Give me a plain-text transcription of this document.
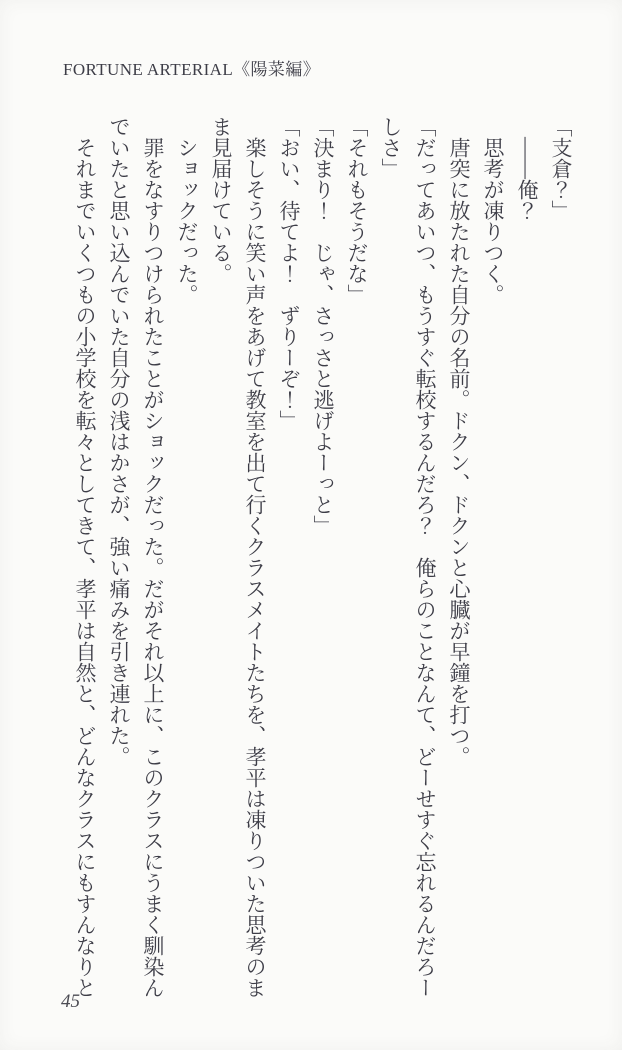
FORTUNE ARTERIAL《陽菜編》

「支倉？」

――俺？

思考が凍りつく。

唐突に放たれた自分の名前。ドクン、ドクンと心臓が早鐘を打つ。

「だってあいつ、もうすぐ転校するんだろ？　俺らのことなんて、どーせすぐ忘れるんだろーしさ」

「それもそうだな」

「決まり！　じゃ、さっさと逃げよーっと」

「おい、待てよ！　ずりーぞ！」

楽しそうに笑い声をあげて教室を出て行くクラスメイトたちを、孝平は凍りついた思考のまま見届けている。

ショックだった。

罪をなすりつけられたことがショックだった。だがそれ以上に、このクラスにうまく馴染んでいたと思い込んでいた自分の浅はかさが、強い痛みを引き連れた。

それまでいくつもの小学校を転々としてきて、孝平は自然と、どんなクラスにもすんなりと

45
